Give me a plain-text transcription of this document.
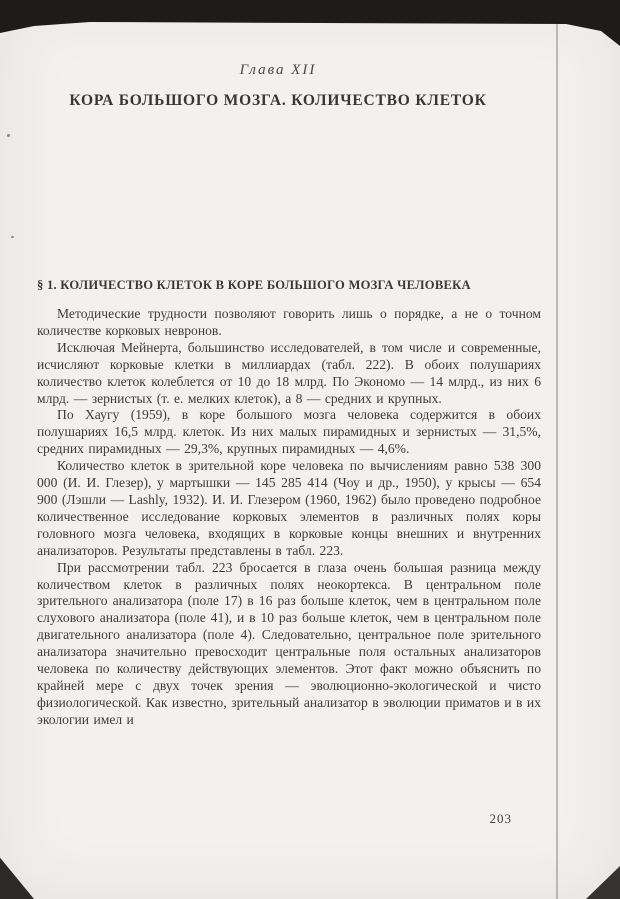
Глава XII
КОРА БОЛЬШОГО МОЗГА. КОЛИЧЕСТВО КЛЕТОК
§ 1. КОЛИЧЕСТВО КЛЕТОК В КОРЕ БОЛЬШОГО МОЗГА ЧЕЛОВЕКА

Методические трудности позволяют говорить лишь о порядке, а не о точном количестве корковых невронов.

Исключая Мейнерта, большинство исследователей, в том числе и современные, исчисляют корковые клетки в миллиардах (табл. 222). В обоих полушариях количество клеток колеблется от 10 до 18 млрд. По Экономо — 14 млрд., из них 6 млрд. — зернистых (т. е. мелких клеток), а 8 — средних и крупных.

По Хаугу (1959), в коре большого мозга человека содержится в обоих полушариях 16,5 млрд. клеток. Из них малых пирамидных и зернистых — 31,5%, средних пирамидных — 29,3%, крупных пирамидных — 4,6%.

Количество клеток в зрительной коре человека по вычислениям равно 538 300 000 (И. И. Глезер), у мартышки — 145 285 414 (Чоу и др., 1950), у крысы — 654 900 (Лэшли — Lashly, 1932). И. И. Глезером (1960, 1962) было проведено подробное количественное исследование корковых элементов в различных полях коры головного мозга человека, входящих в корковые концы внешних и внутренних анализаторов. Результаты представлены в табл. 223.

При рассмотрении табл. 223 бросается в глаза очень большая разница между количеством клеток в различных полях неокортекса. В центральном поле зрительного анализатора (поле 17) в 16 раз больше клеток, чем в центральном поле слухового анализатора (поле 41), и в 10 раз больше клеток, чем в центральном поле двигательного анализатора (поле 4). Следовательно, центральное поле зрительного анализатора значительно превосходит центральные поля остальных анализаторов человека по количеству действующих элементов. Этот факт можно объяснить по крайней мере с двух точек зрения — эволюционно-экологической и чисто физиологической. Как известно, зрительный анализатор в эволюции приматов и в их экологии имел и

203
